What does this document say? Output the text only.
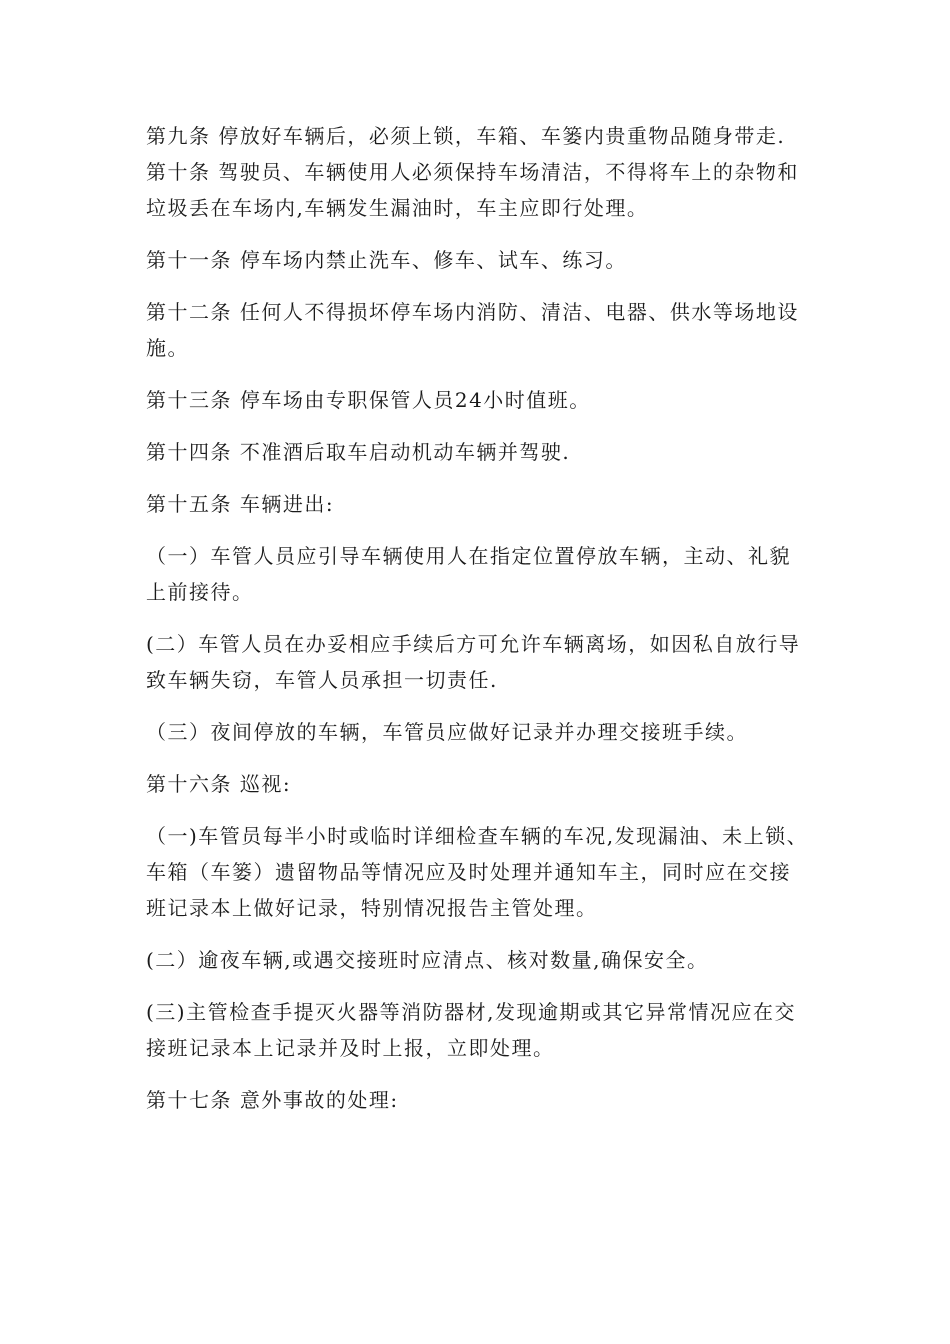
第九条 停放好车辆后，必须上锁，车箱、车篓内贵重物品随身带走.

第十条 驾驶员、车辆使用人必须保持车场清洁，不得将车上的杂物和垃圾丢在车场内,车辆发生漏油时，车主应即行处理。

第十一条 停车场内禁止洗车、修车、试车、练习。

第十二条 任何人不得损坏停车场内消防、清洁、电器、供水等场地设施。

第十三条 停车场由专职保管人员24小时值班。

第十四条 不准酒后取车启动机动车辆并驾驶.

第十五条 车辆进出:

（一）车管人员应引导车辆使用人在指定位置停放车辆，主动、礼貌上前接待。

(二）车管人员在办妥相应手续后方可允许车辆离场，如因私自放行导致车辆失窃，车管人员承担一切责任.

（三）夜间停放的车辆，车管员应做好记录并办理交接班手续。

第十六条 巡视:

（一)车管员每半小时或临时详细检查车辆的车况,发现漏油、未上锁、车箱（车篓）遗留物品等情况应及时处理并通知车主，同时应在交接班记录本上做好记录，特别情况报告主管处理。

(二）逾夜车辆,或遇交接班时应清点、核对数量,确保安全。

(三)主管检查手提灭火器等消防器材,发现逾期或其它异常情况应在交接班记录本上记录并及时上报，立即处理。

第十七条 意外事故的处理:
